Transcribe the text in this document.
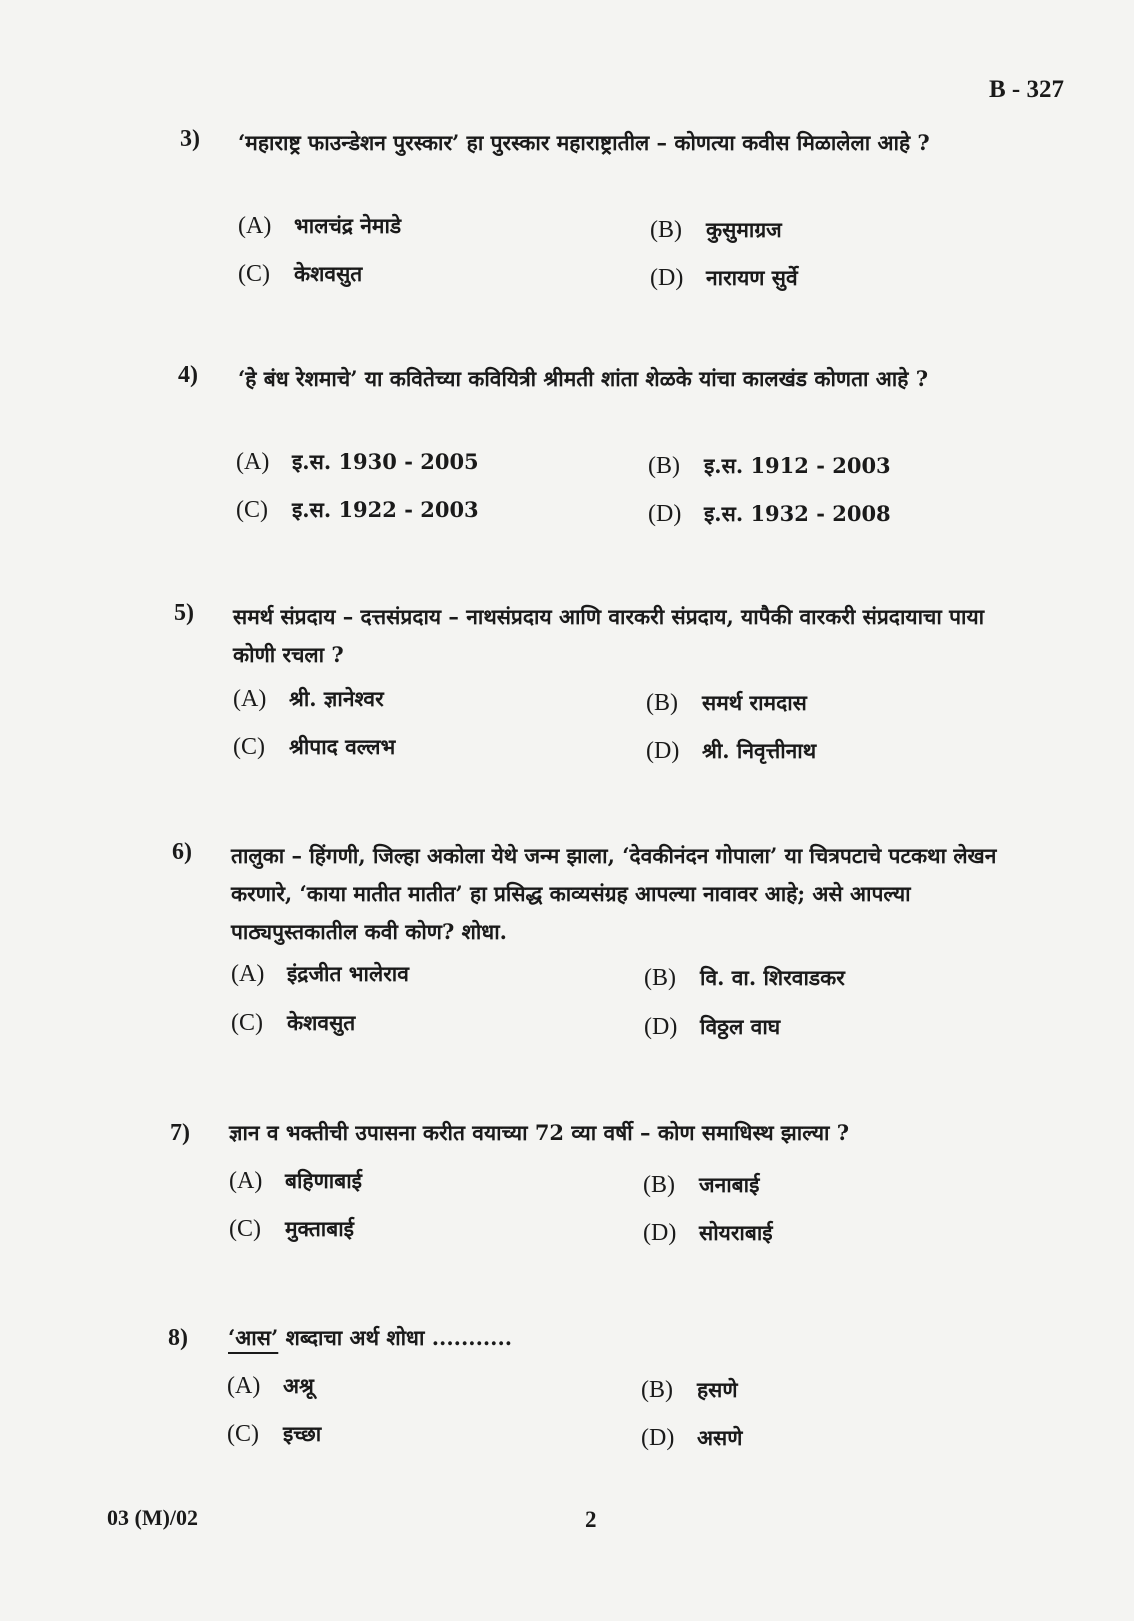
B - 327
3) ‘महाराष्ट्र फाउन्डेशन पुरस्कार’ हा पुरस्कार महाराष्ट्रातील – कोणत्या कवीस मिळालेला आहे ?
(A) भालचंद्र नेमाडे	(B) कुसुमाग्रज
(C) केशवसुत	(D) नारायण सुर्वे
4) ‘हे बंध रेशमाचे’ या कवितेच्या कवियित्री श्रीमती शांता शेळके यांचा कालखंड कोणता आहे ?
(A) इ.स. 1930 - 2005	(B) इ.स. 1912 - 2003
(C) इ.स. 1922 - 2003	(D) इ.स. 1932 - 2008
5) समर्थ संप्रदाय – दत्तसंप्रदाय – नाथसंप्रदाय आणि वारकरी संप्रदाय, यापैकी वारकरी संप्रदायाचा पाया कोणी रचला ?
(A) श्री. ज्ञानेश्वर	(B) समर्थ रामदास
(C) श्रीपाद वल्लभ	(D) श्री. निवृत्तीनाथ
6) तालुका – हिंगणी, जिल्हा अकोला येथे जन्म झाला, ‘देवकीनंदन गोपाला’ या चित्रपटाचे पटकथा लेखन करणारे, ‘काया मातीत मातीत’ हा प्रसिद्ध काव्यसंग्रह आपल्या नावावर आहे; असे आपल्या पाठ्यपुस्तकातील कवी कोण? शोधा.
(A) इंद्रजीत भालेराव	(B) वि. वा. शिरवाडकर
(C) केशवसुत	(D) विठ्ठल वाघ
7) ज्ञान व भक्तीची उपासना करीत वयाच्या 72 व्या वर्षी – कोण समाधिस्थ झाल्या ?
(A) बहिणाबाई	(B) जनाबाई
(C) मुक्ताबाई	(D) सोयराबाई
8) ‘आस’ शब्दाचा अर्थ शोधा ...........
(A) अश्रू	(B) हसणे
(C) इच्छा	(D) असणे
03 (M)/02	2
